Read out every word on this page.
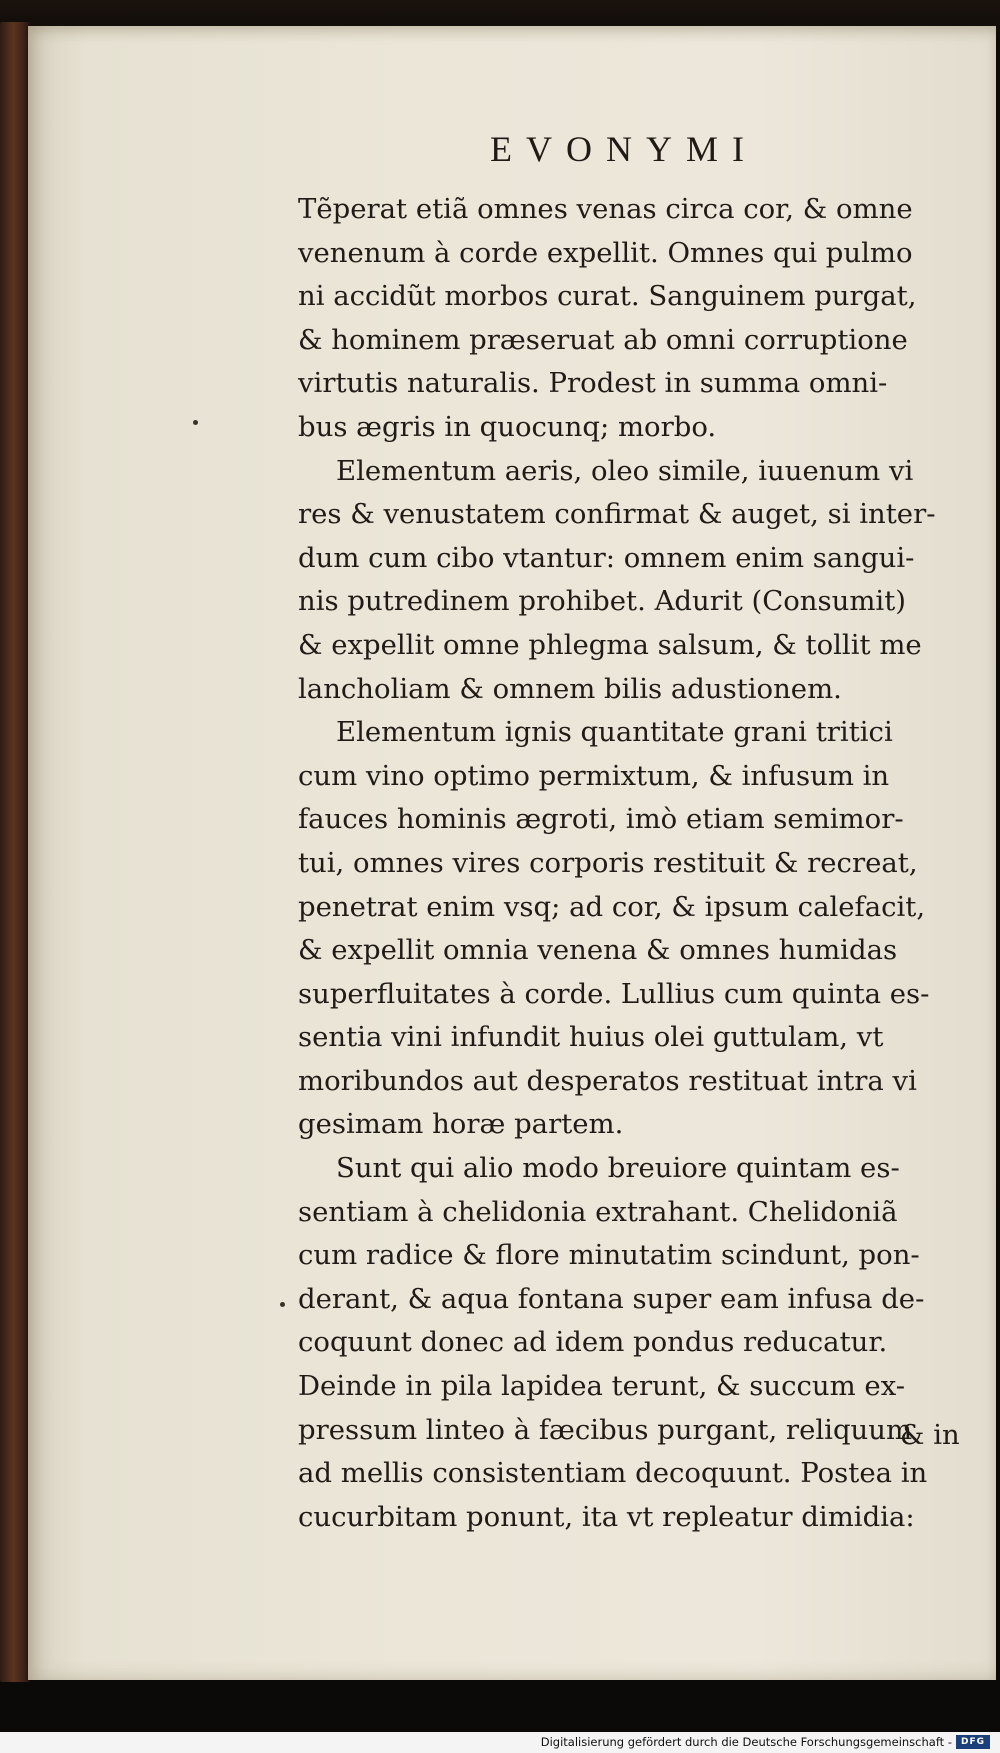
EVONYMI
Tẽperat etiã omnes venas circa cor, & omne
venenum à corde expellit. Omnes qui pulmo
ni accidũt morbos curat. Sanguinem purgat,
& hominem præseruat ab omni corruptione
virtutis naturalis. Prodest in summa omni-
bus ægris in quocunq; morbo.
Elementum aeris, oleo simile, iuuenum vi
res & venustatem confirmat & auget, si inter-
dum cum cibo vtantur: omnem enim sangui-
nis putredinem prohibet. Adurit (Consumit)
& expellit omne phlegma salsum, & tollit me
lancholiam & omnem bilis adustionem.
Elementum ignis quantitate grani tritici
cum vino optimo permixtum, & infusum in
fauces hominis ægroti, imò etiam semimor-
tui, omnes vires corporis restituit & recreat,
penetrat enim vsq; ad cor, & ipsum calefacit,
& expellit omnia venena & omnes humidas
superfluitates à corde. Lullius cum quinta es-
sentia vini infundit huius olei guttulam, vt
moribundos aut desperatos restituat intra vi
gesimam horæ partem.
Sunt qui alio modo breuiore quintam es-
sentiam à chelidonia extrahant. Chelidoniã
cum radice & flore minutatim scindunt, pon-
derant, & aqua fontana super eam infusa de-
coquunt donec ad idem pondus reducatur.
Deinde in pila lapidea terunt, & succum ex-
pressum linteo à fæcibus purgant, reliquum
ad mellis consistentiam decoquunt. Postea in
cucurbitam ponunt, ita vt repleatur dimidia:
& in
Digitalisierung gefördert durch die Deutsche Forschungsgemeinschaft - DFG
